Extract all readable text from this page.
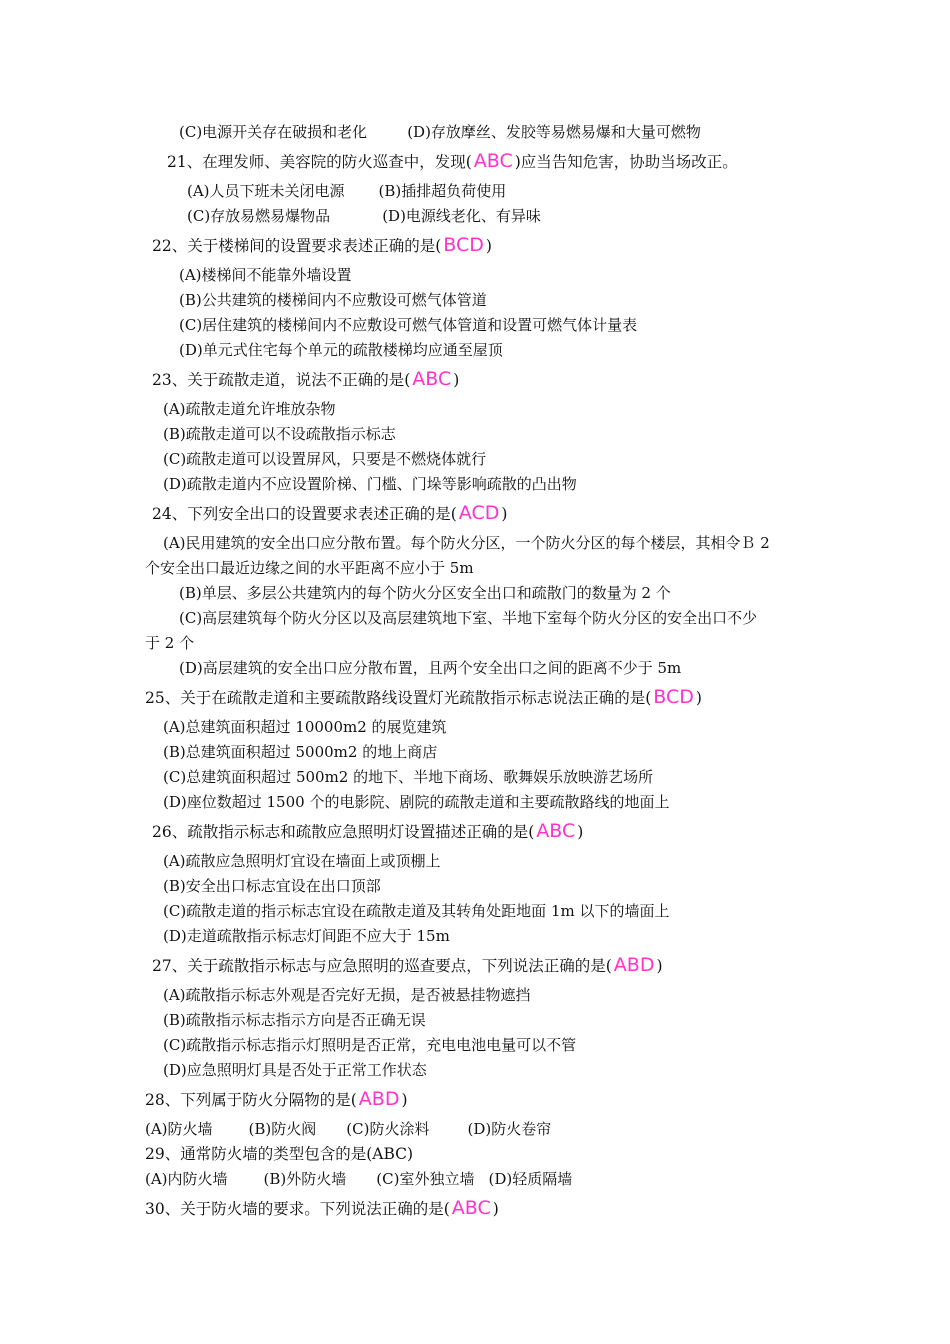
(C)电源开关存在破损和老化	(D)存放摩丝、发胶等易燃易爆和大量可燃物
21、在理发师、美容院的防火巡查中，发现( ABC )应当告知危害，协助当场改正。
(A)人员下班未关闭电源 (B)插排超负荷使用
(C)存放易燃易爆物品	(D)电源线老化、有异味
22、关于楼梯间的设置要求表述正确的是( BCD )
(A)楼梯间不能靠外墙设置
(B)公共建筑的楼梯间内不应敷设可燃气体管道
(C)居住建筑的楼梯间内不应敷设可燃气体管道和设置可燃气体计量表
(D)单元式住宅每个单元的疏散楼梯均应通至屋顶
23、关于疏散走道，说法不正确的是( ABC )
(A)疏散走道允许堆放杂物
(B)疏散走道可以不设疏散指示标志
(C)疏散走道可以设置屏风，只要是不燃烧体就行
(D)疏散走道内不应设置阶梯、门槛、门垛等影响疏散的凸出物
24、下列安全出口的设置要求表述正确的是( ACD )
(A)民用建筑的安全出口应分散布置。每个防火分区，一个防火分区的每个楼层，其相令Ｂ 2
个安全出口最近边缘之间的水平距离不应小于 5m
(B)单层、多层公共建筑内的每个防火分区安全出口和疏散门的数量为 2 个
(C)高层建筑每个防火分区以及高层建筑地下室、半地下室每个防火分区的安全出口不少
于 2 个
(D)高层建筑的安全出口应分散布置，且两个安全出口之间的距离不少于 5m
25、关于在疏散走道和主要疏散路线设置灯光疏散指示标志说法正确的是( BCD )
(A)总建筑面积超过 10000m2 的展览建筑
(B)总建筑面积超过 5000m2 的地上商店
(C)总建筑面积超过 500m2 的地下、半地下商场、歌舞娱乐放映游艺场所
(D)座位数超过 1500 个的电影院、剧院的疏散走道和主要疏散路线的地面上
26、疏散指示标志和疏散应急照明灯设置描述正确的是( ABC )
(A)疏散应急照明灯宜设在墙面上或顶棚上
(B)安全出口标志宜设在出口顶部
(C)疏散走道的指示标志宜设在疏散走道及其转角处距地面 1m 以下的墙面上
(D)走道疏散指示标志灯间距不应大于 15m
27、关于疏散指示标志与应急照明的巡查要点，下列说法正确的是( ABD )
(A)疏散指示标志外观是否完好无损，是否被悬挂物遮挡
(B)疏散指示标志指示方向是否正确无误
(C)疏散指示标志指示灯照明是否正常，充电电池电量可以不管
(D)应急照明灯具是否处于正常工作状态
28、下列属于防火分隔物的是( ABD )
(A)防火墙 (B)防火阀 (C)防火涂料	(D)防火卷帘
29、通常防火墙的类型包含的是(ABC)
(A)内防火墙 (B)外防火墙 (C)室外独立墙 (D)轻质隔墙
30、关于防火墙的要求。下列说法正确的是( ABC )
